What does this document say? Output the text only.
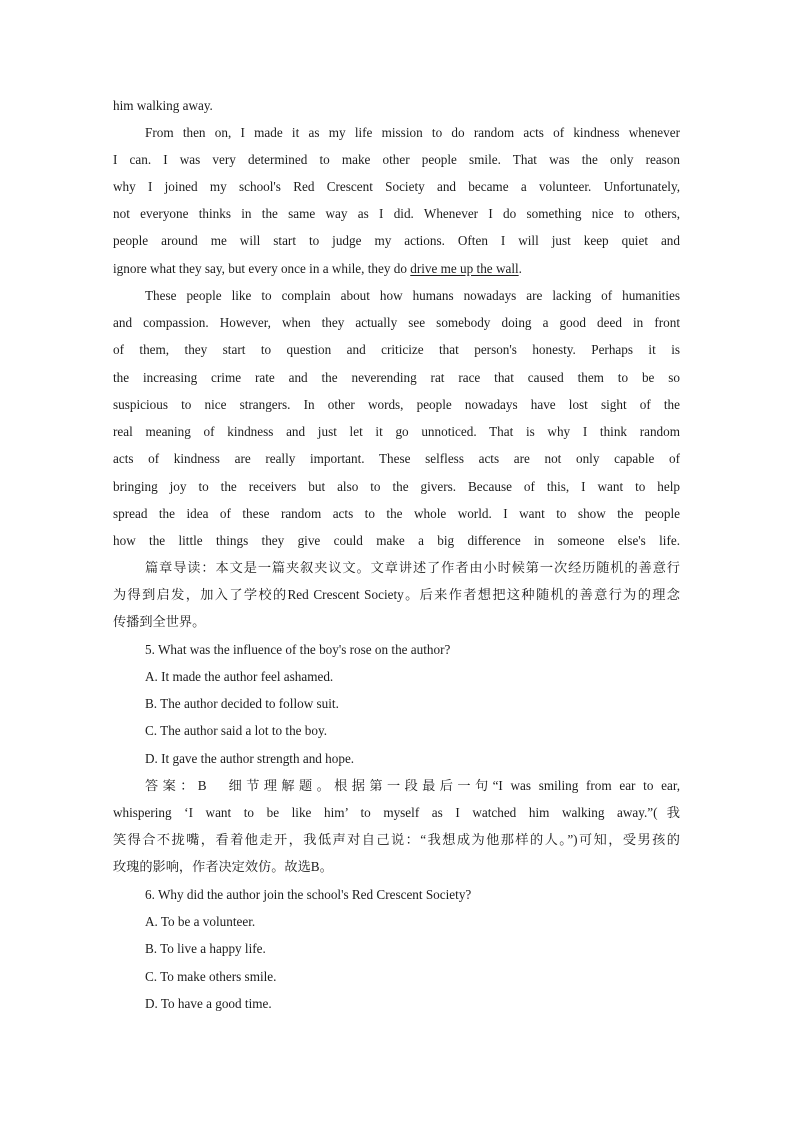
him walking away.
From then on, I made it as my life mission to do random acts of kindness whenever
I can. I was very determined to make other people smile. That was the only reason
why I joined my school's Red Crescent Society and became a volunteer. Unfortunately,
not everyone thinks in the same way as I did. Whenever I do something nice to others,
people around me will start to judge my actions. Often I will just keep quiet and
ignore what they say, but every once in a while, they do drive me up the wall.
These people like to complain about how humans nowadays are lacking of humanities
and compassion. However, when they actually see somebody doing a good deed in front
of them, they start to question and criticize that person's honesty. Perhaps it is
the increasing crime rate and the neverending rat race that caused them to be so
suspicious to nice strangers. In other words, people nowadays have lost sight of the
real meaning of kindness and just let it go unnoticed. That is why I think random
acts of kindness are really important. These selfless acts are not only capable of
bringing joy to the receivers but also to the givers. Because of this, I want to help
spread the idea of these random acts to the whole world. I want to show the people
how the little things they give could make a big difference in someone else's life.
篇章导读：本文是一篇夹叙夹议文。文章讲述了作者由小时候第一次经历随机的善意行
为得到启发，加入了学校的Red Crescent Society。后来作者想把这种随机的善意行为的理念
传播到全世界。
5. What was the influence of the boy's rose on the author?
A. It made the author feel ashamed.
B. The author decided to follow suit.
C. The author said a lot to the boy.
D. It gave the author strength and hope.
答案：B　细节理解题。根据第一段最后一句“I was smiling from ear to ear,
whispering ‘I want to be like him’ to myself as I watched him walking away.”(我
笑得合不拢嘴，看着他走开，我低声对自己说：“我想成为他那样的人。”)可知，受男孩的
玫瑰的影响，作者决定效仿。故选B。
6. Why did the author join the school's Red Crescent Society?
A. To be a volunteer.
B. To live a happy life.
C. To make others smile.
D. To have a good time.
